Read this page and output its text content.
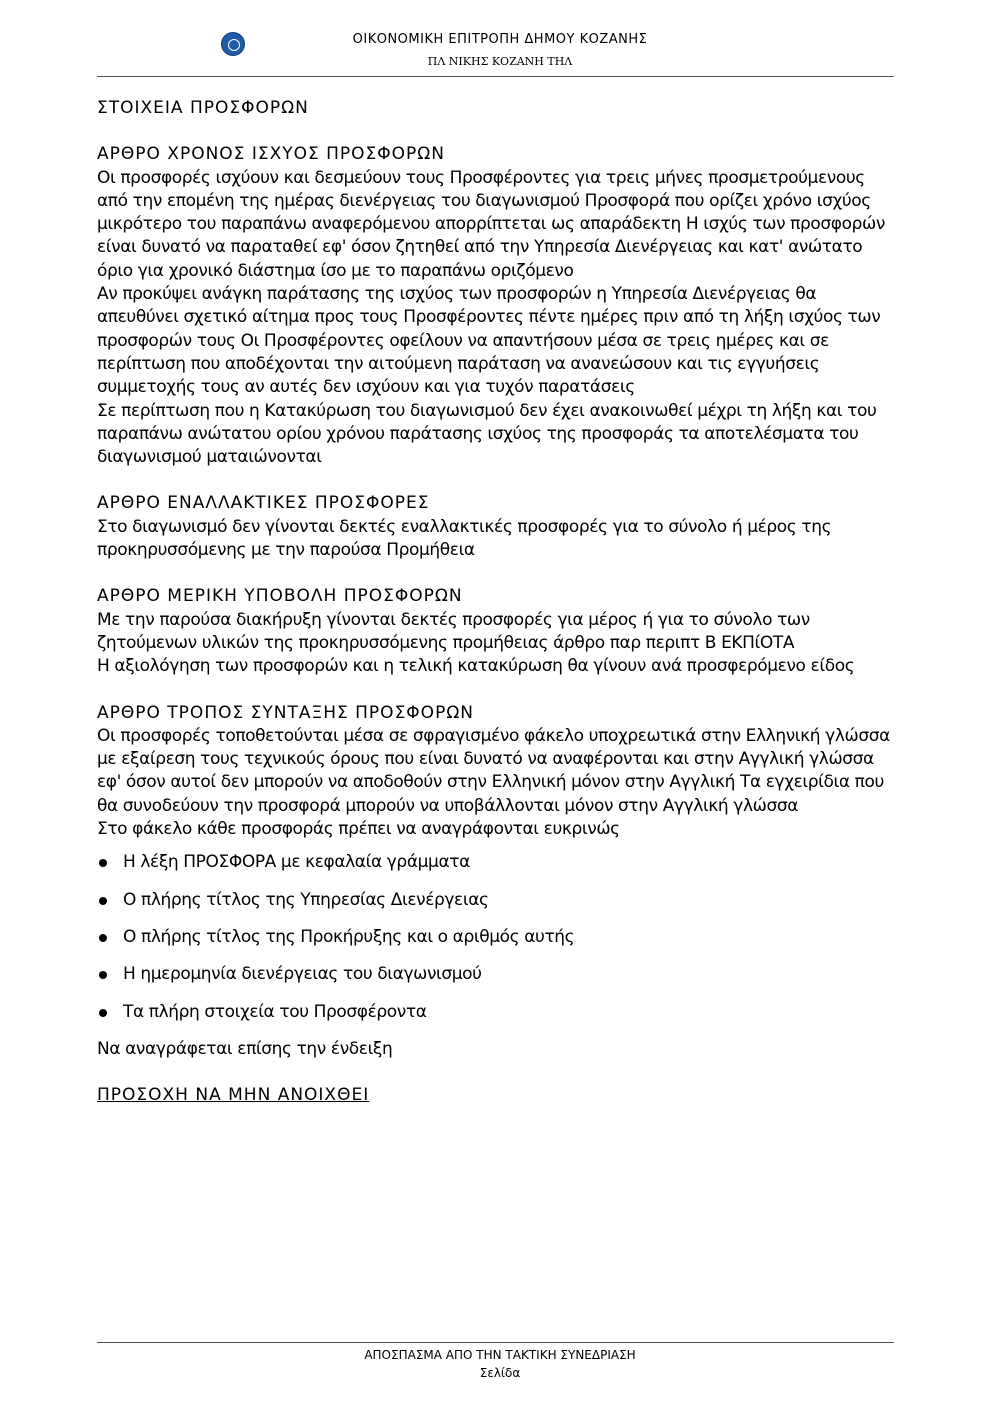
ΟΙΚΟΝΟΜΙΚΗ ΕΠΙΤΡΟΠΗ ΔΗΜΟΥ ΚΟΖΑΝΗΣ
ΠΛ ΝΙΚΗΣ ΚΟΖΑΝΗ ΤΗΛ

ΣΤΟΙΧΕΙΑ ΠΡΟΣΦΟΡΩΝ

ΑΡΘΡΟ ΧΡΟΝΟΣ ΙΣΧΥΟΣ ΠΡΟΣΦΟΡΩΝ

Οι προσφορές ισχύουν και δεσμεύουν τους Προσφέροντες για τρεις μήνες προσμετρούμενους από την επομένη της ημέρας διενέργειας του διαγωνισμού Προσφορά που ορίζει χρόνο ισχύος μικρότερο του παραπάνω αναφερόμενου απορρίπτεται ως απαράδεκτη Η ισχύς των προσφορών είναι δυνατό να παραταθεί εφ' όσον ζητηθεί από την Υπηρεσία Διενέργειας και κατ' ανώτατο όριο για χρονικό διάστημα ίσο με το παραπάνω οριζόμενο

Αν προκύψει ανάγκη παράτασης της ισχύος των προσφορών η Υπηρεσία Διενέργειας θα απευθύνει σχετικό αίτημα προς τους Προσφέροντες πέντε ημέρες πριν από τη λήξη ισχύος των προσφορών τους Οι Προσφέροντες οφείλουν να απαντήσουν μέσα σε τρεις ημέρες και σε περίπτωση που αποδέχονται την αιτούμενη παράταση να ανανεώσουν και τις εγγυήσεις συμμετοχής τους αν αυτές δεν ισχύουν και για τυχόν παρατάσεις

Σε περίπτωση που η Κατακύρωση του διαγωνισμού δεν έχει ανακοινωθεί μέχρι τη λήξη και του παραπάνω ανώτατου ορίου χρόνου παράτασης ισχύος της προσφοράς τα αποτελέσματα του διαγωνισμού ματαιώνονται

ΑΡΘΡΟ ΕΝΑΛΛΑΚΤΙΚΕΣ ΠΡΟΣΦΟΡΕΣ

Στο διαγωνισμό δεν γίνονται δεκτές εναλλακτικές προσφορές για το σύνολο ή μέρος της προκηρυσσόμενης με την παρούσα Προμήθεια

ΑΡΘΡΟ ΜΕΡΙΚΗ ΥΠΟΒΟΛΗ ΠΡΟΣΦΟΡΩΝ

Με την παρούσα διακήρυξη γίνονται δεκτές προσφορές για μέρος ή για το σύνολο των ζητούμενων υλικών της προκηρυσσόμενης προμήθειας άρθρο παρ περιπτ Β ΕΚΠίΟΤΑ

Η αξιολόγηση των προσφορών και η τελική κατακύρωση θα γίνουν ανά προσφερόμενο είδος

ΑΡΘΡΟ ΤΡΟΠΟΣ ΣΥΝΤΑΞΗΣ ΠΡΟΣΦΟΡΩΝ

Οι προσφορές τοποθετούνται μέσα σε σφραγισμένο φάκελο υποχρεωτικά στην Ελληνική γλώσσα με εξαίρεση τους τεχνικούς όρους που είναι δυνατό να αναφέρονται και στην Αγγλική γλώσσα εφ' όσον αυτοί δεν μπορούν να αποδοθούν στην Ελληνική μόνον στην Αγγλική Τα εγχειρίδια που θα συνοδεύουν την προσφορά μπορούν να υποβάλλονται μόνον στην Αγγλική γλώσσα

Στο φάκελο κάθε προσφοράς πρέπει να αναγράφονται ευκρινώς

Η λέξη ΠΡΟΣΦΟΡΑ με κεφαλαία γράμματα
Ο πλήρης τίτλος της Υπηρεσίας Διενέργειας
Ο πλήρης τίτλος της Προκήρυξης και ο αριθμός αυτής
Η ημερομηνία διενέργειας του διαγωνισμού
Τα πλήρη στοιχεία του Προσφέροντα

Να αναγράφεται επίσης την ένδειξη

ΠΡΟΣΟΧΗ ΝΑ ΜΗΝ ΑΝΟΙΧΘΕΙ

ΑΠΟΣΠΑΣΜΑ ΑΠΟ ΤΗΝ ΤΑΚΤΙΚΗ ΣΥΝΕΔΡΙΑΣΗ
Σελίδα
